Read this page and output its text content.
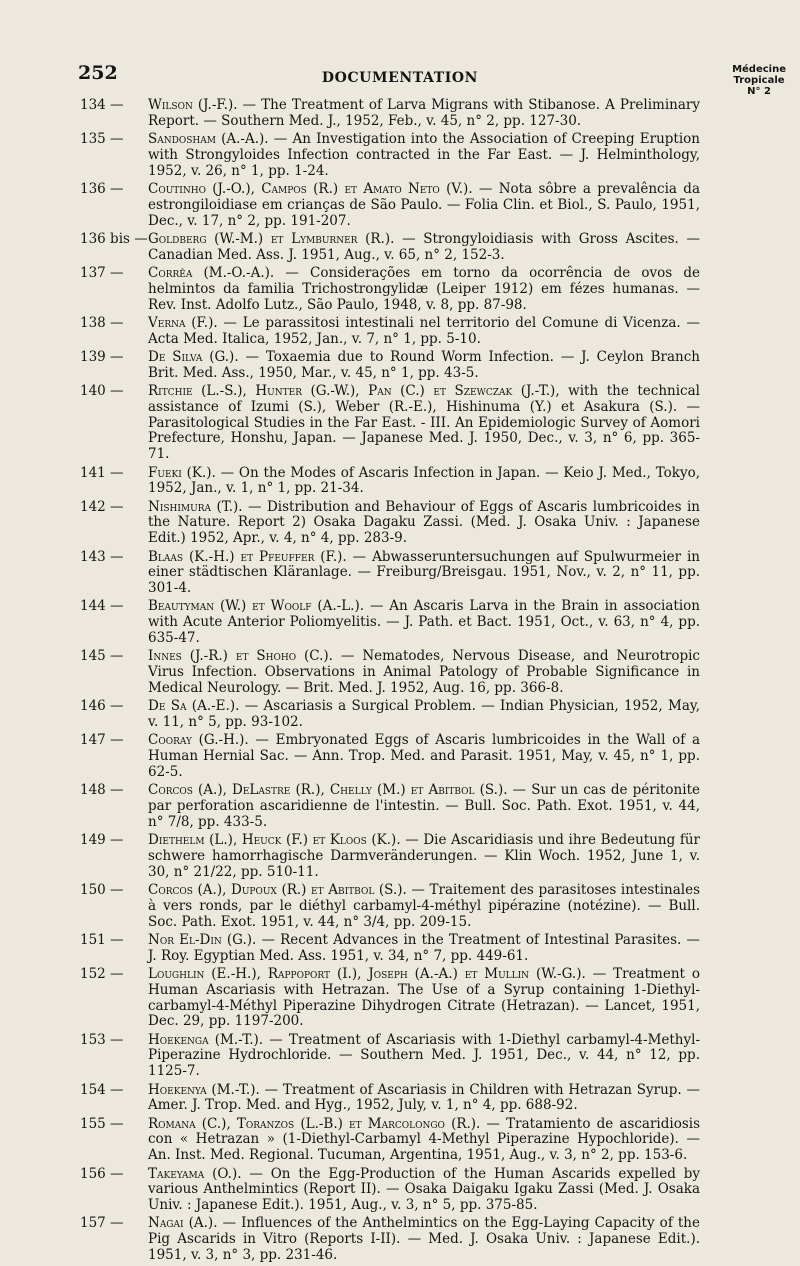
252	DOCUMENTATION
Médecine
Tropicale
N° 2
134 —	Wilson (J.-F.). — The Treatment of Larva Migrans with Stibanose. A Preliminary Report. — Southern Med. J., 1952, Feb., v. 45, n° 2, pp. 127-30.
135 —	Sandosham (A.-A.). — An Investigation into the Association of Creeping Eruption with Strongyloides Infection contracted in the Far East. — J. Helminthology, 1952, v. 26, n° 1, pp. 1-24.
136 —	Coutinho (J.-O.), Campos (R.) et Amato Neto (V.). — Nota sôbre a prevalência da estrongiloidiase em crianças de São Paulo. — Folia Clin. et Biol., S. Paulo, 1951, Dec., v. 17, n° 2, pp. 191-207.
136 bis — Goldberg (W.-M.) et Lymburner (R.). — Strongyloidiasis with Gross Ascites. — Canadian Med. Ass. J. 1951, Aug., v. 65, n° 2, 152-3.
137 —	Corrêa (M.-O.-A.). — Considerações em torno da ocorrência de ovos de helmintos da familia Trichostrongylidæ (Leiper 1912) em fézes humanas. — Rev. Inst. Adolfo Lutz., São Paulo, 1948, v. 8, pp. 87-98.
138 —	Verna (F.). — Le parassitosi intestinali nel territorio del Comune di Vicenza. — Acta Med. Italica, 1952, Jan., v. 7, n° 1, pp. 5-10.
139 —	De Silva (G.). — Toxaemia due to Round Worm Infection. — J. Ceylon Branch Brit. Med. Ass., 1950, Mar., v. 45, n° 1, pp. 43-5.
140 —	Ritchie (L.-S.), Hunter (G.-W.), Pan (C.) et Szewczak (J.-T.), with the technical assistance of Izumi (S.), Weber (R.-E.), Hishinuma (Y.) et Asakura (S.). — Parasitological Studies in the Far East. - III. An Epidemiologic Survey of Aomori Prefecture, Honshu, Japan. — Japanese Med. J. 1950, Dec., v. 3, n° 6, pp. 365-71.
141 —	Fueki (K.). — On the Modes of Ascaris Infection in Japan. — Keio J. Med., Tokyo, 1952, Jan., v. 1, n° 1, pp. 21-34.
142 —	Nishimura (T.). — Distribution and Behaviour of Eggs of Ascaris lumbricoides in the Nature. Report 2) Osaka Dagaku Zassi. (Med. J. Osaka Univ. : Japanese Edit.) 1952, Apr., v. 4, n° 4, pp. 283-9.
143 —	Blaas (K.-H.) et Pfeuffer (F.). — Abwasseruntersuchungen auf Spulwurmeier in einer städtischen Kläranlage. — Freiburg/Breisgau. 1951, Nov., v. 2, n° 11, pp. 301-4.
144 —	Beautyman (W.) et Woolf (A.-L.). — An Ascaris Larva in the Brain in association with Acute Anterior Poliomyelitis. — J. Path. et Bact. 1951, Oct., v. 63, n° 4, pp. 635-47.
145 —	Innes (J.-R.) et Shoho (C.). — Nematodes, Nervous Disease, and Neurotropic Virus Infection. Observations in Animal Patology of Probable Significance in Medical Neurology. — Brit. Med. J. 1952, Aug. 16, pp. 366-8.
146 —	De Sa (A.-E.). — Ascariasis a Surgical Problem. — Indian Physician, 1952, May, v. 11, n° 5, pp. 93-102.
147 —	Cooray (G.-H.). — Embryonated Eggs of Ascaris lumbricoides in the Wall of a Human Hernial Sac. — Ann. Trop. Med. and Parasit. 1951, May, v. 45, n° 1, pp. 62-5.
148 —	Corcos (A.), DeLastre (R.), Chelly (M.) et Abitbol (S.). — Sur un cas de péritonite par perforation ascaridienne de l'intestin. — Bull. Soc. Path. Exot. 1951, v. 44, n° 7/8, pp. 433-5.
149 —	Diethelm (L.), Heuck (F.) et Kloos (K.). — Die Ascaridiasis und ihre Bedeutung für schwere hamorrhagische Darmveränderungen. — Klin Woch. 1952, June 1, v. 30, n° 21/22, pp. 510-11.
150 —	Corcos (A.), Dupoux (R.) et Abitbol (S.). — Traitement des parasitoses intestinales à vers ronds, par le diéthyl carbamyl-4-méthyl pipérazine (notézine). — Bull. Soc. Path. Exot. 1951, v. 44, n° 3/4, pp. 209-15.
151 —	Nor El-Din (G.). — Recent Advances in the Treatment of Intestinal Parasites. — J. Roy. Egyptian Med. Ass. 1951, v. 34, n° 7, pp. 449-61.
152 —	Loughlin (E.-H.), Rappoport (I.), Joseph (A.-A.) et Mullin (W.-G.). — Treatment o Human Ascariasis with Hetrazan. The Use of a Syrup containing 1-Diethyl-carbamyl-4-Méthyl Piperazine Dihydrogen Citrate (Hetrazan). — Lancet, 1951, Dec. 29, pp. 1197-200.
153 —	Hoekenga (M.-T.). — Treatment of Ascariasis with 1-Diethyl carbamyl-4-Methyl-Piperazine Hydrochloride. — Southern Med. J. 1951, Dec., v. 44, n° 12, pp. 1125-7.
154 —	Hoekenya (M.-T.). — Treatment of Ascariasis in Children with Hetrazan Syrup. — Amer. J. Trop. Med. and Hyg., 1952, July, v. 1, n° 4, pp. 688-92.
155 —	Romana (C.), Toranzos (L.-B.) et Marcolongo (R.). — Tratamiento de ascaridiosis con « Hetrazan » (1-Diethyl-Carbamyl 4-Methyl Piperazine Hypochloride). — An. Inst. Med. Regional. Tucuman, Argentina, 1951, Aug., v. 3, n° 2, pp. 153-6.
156 —	Takeyama (O.). — On the Egg-Production of the Human Ascarids expelled by various Anthelmintics (Report II). — Osaka Daigaku Igaku Zassi (Med. J. Osaka Univ. : Japanese Edit.). 1951, Aug., v. 3, n° 5, pp. 375-85.
157 —	Nagai (A.). — Influences of the Anthelmintics on the Egg-Laying Capacity of the Pig Ascarids in Vitro (Reports I-II). — Med. J. Osaka Univ. : Japanese Edit.). 1951, v. 3, n° 3, pp. 231-46.
